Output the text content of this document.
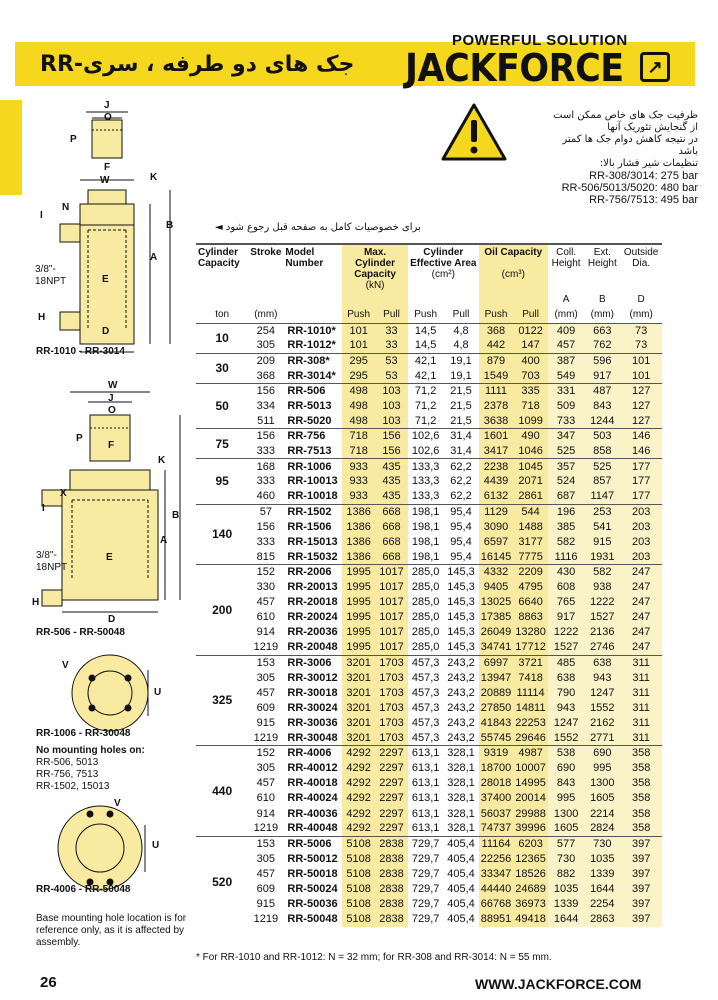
جک های دو طرفه ، سری-RR
POWERFUL SOLUTION
JACKFORCE	↗
ظرفیت جک های خاص ممکن است
از گنجایش تئوریک آنها
در نتیجه کاهش دوام جک ها کمتر
باشد
تنظیمات شیر فشار بالا:
RR-308/3014: 275 bar
RR-506/5013/5020: 480 bar
RR-756/7513: 495 bar
برای خصوصیات کامل به صفحه قبل رجوع شود ◄
J
O
P
F
W	K
N
I
B
A
3/8"-
18NPT	E
H
D
RR-1010 - RR-3014
W
J
O
P
F
K
X
I
B
A
3/8"-
18NPT
E
H
D
RR-506 - RR-50048
V
U
RR-1006 - RR-30048
No mounting holes on:
RR-506, 5013
RR-756, 7513
RR-1502, 15013
V
U
RR-4006 - RR-50048
Base mounting hole location is for reference only, as it is affected by assembly.
Cylinder Capacity	Stroke	Model Number	Max. Cylinder Capacity
(kN)		Cylinder Effective Area
(cm²)		Oil Capacity

(cm³)		Coll. Height	Ext. Height	Outside Dia.
									A	B	D
ton	(mm)		Push	Pull	Push	Pull	Push	Pull	(mm)	(mm)	(mm)
10	254	RR-1010*	101	33	14,5	4,8	368	0122	409	663	73
	305	RR-1012*	101	33	14,5	4,8	442	147	457	762	73
30	209	RR-308*	295	53	42,1	19,1	879	400	387	596	101
	368	RR-3014*	295	53	42,1	19,1	1549	703	549	917	101
50	156	RR-506	498	103	71,2	21,5	1111	335	331	487	127
	334	RR-5013	498	103	71,2	21,5	2378	718	509	843	127
	511	RR-5020	498	103	71,2	21,5	3638	1099	733	1244	127
75	156	RR-756	718	156	102,6	31,4	1601	490	347	503	146
	333	RR-7513	718	156	102,6	31,4	3417	1046	525	858	146
95	168	RR-1006	933	435	133,3	62,2	2238	1045	357	525	177
	333	RR-10013	933	435	133,3	62,2	4439	2071	524	857	177
	460	RR-10018	933	435	133,3	62,2	6132	2861	687	1147	177
140	57	RR-1502	1386	668	198,1	95,4	1129	544	196	253	203
	156	RR-1506	1386	668	198,1	95,4	3090	1488	385	541	203
	333	RR-15013	1386	668	198,1	95,4	6597	3177	582	915	203
	815	RR-15032	1386	668	198,1	95,4	16145	7775	1116	1931	203
200	152	RR-2006	1995	1017	285,0	145,3	4332	2209	430	582	247
	330	RR-20013	1995	1017	285,0	145,3	9405	4795	608	938	247
	457	RR-20018	1995	1017	285,0	145,3	13025	6640	765	1222	247
	610	RR-20024	1995	1017	285,0	145,3	17385	8863	917	1527	247
	914	RR-20036	1995	1017	285,0	145,3	26049	13280	1222	2136	247
	1219	RR-20048	1995	1017	285,0	145,3	34741	17712	1527	2746	247
325	153	RR-3006	3201	1703	457,3	243,2	6997	3721	485	638	311
	305	RR-30012	3201	1703	457,3	243,2	13947	7418	638	943	311
	457	RR-30018	3201	1703	457,3	243,2	20889	11114	790	1247	311
	609	RR-30024	3201	1703	457,3	243,2	27850	14811	943	1552	311
	915	RR-30036	3201	1703	457,3	243,2	41843	22253	1247	2162	311
	1219	RR-30048	3201	1703	457,3	243,2	55745	29646	1552	2771	311
440	152	RR-4006	4292	2297	613,1	328,1	9319	4987	538	690	358
	305	RR-40012	4292	2297	613,1	328,1	18700	10007	690	995	358
	457	RR-40018	4292	2297	613,1	328,1	28018	14995	843	1300	358
	610	RR-40024	4292	2297	613,1	328,1	37400	20014	995	1605	358
	914	RR-40036	4292	2297	613,1	328,1	56037	29988	1300	2214	358
	1219	RR-40048	4292	2297	613,1	328,1	74737	39996	1605	2824	358
520	153	RR-5006	5108	2838	729,7	405,4	11164	6203	577	730	397
	305	RR-50012	5108	2838	729,7	405,4	22256	12365	730	1035	397
	457	RR-50018	5108	2838	729,7	405,4	33347	18526	882	1339	397
	609	RR-50024	5108	2838	729,7	405,4	44440	24689	1035	1644	397
	915	RR-50036	5108	2838	729,7	405,4	66768	36973	1339	2254	397
	1219	RR-50048	5108	2838	729,7	405,4	88951	49418	1644	2863	397
* For RR-1010 and RR-1012: N = 32 mm; for RR-308 and RR-3014: N = 55 mm.
26	WWW.JACKFORCE.COM
